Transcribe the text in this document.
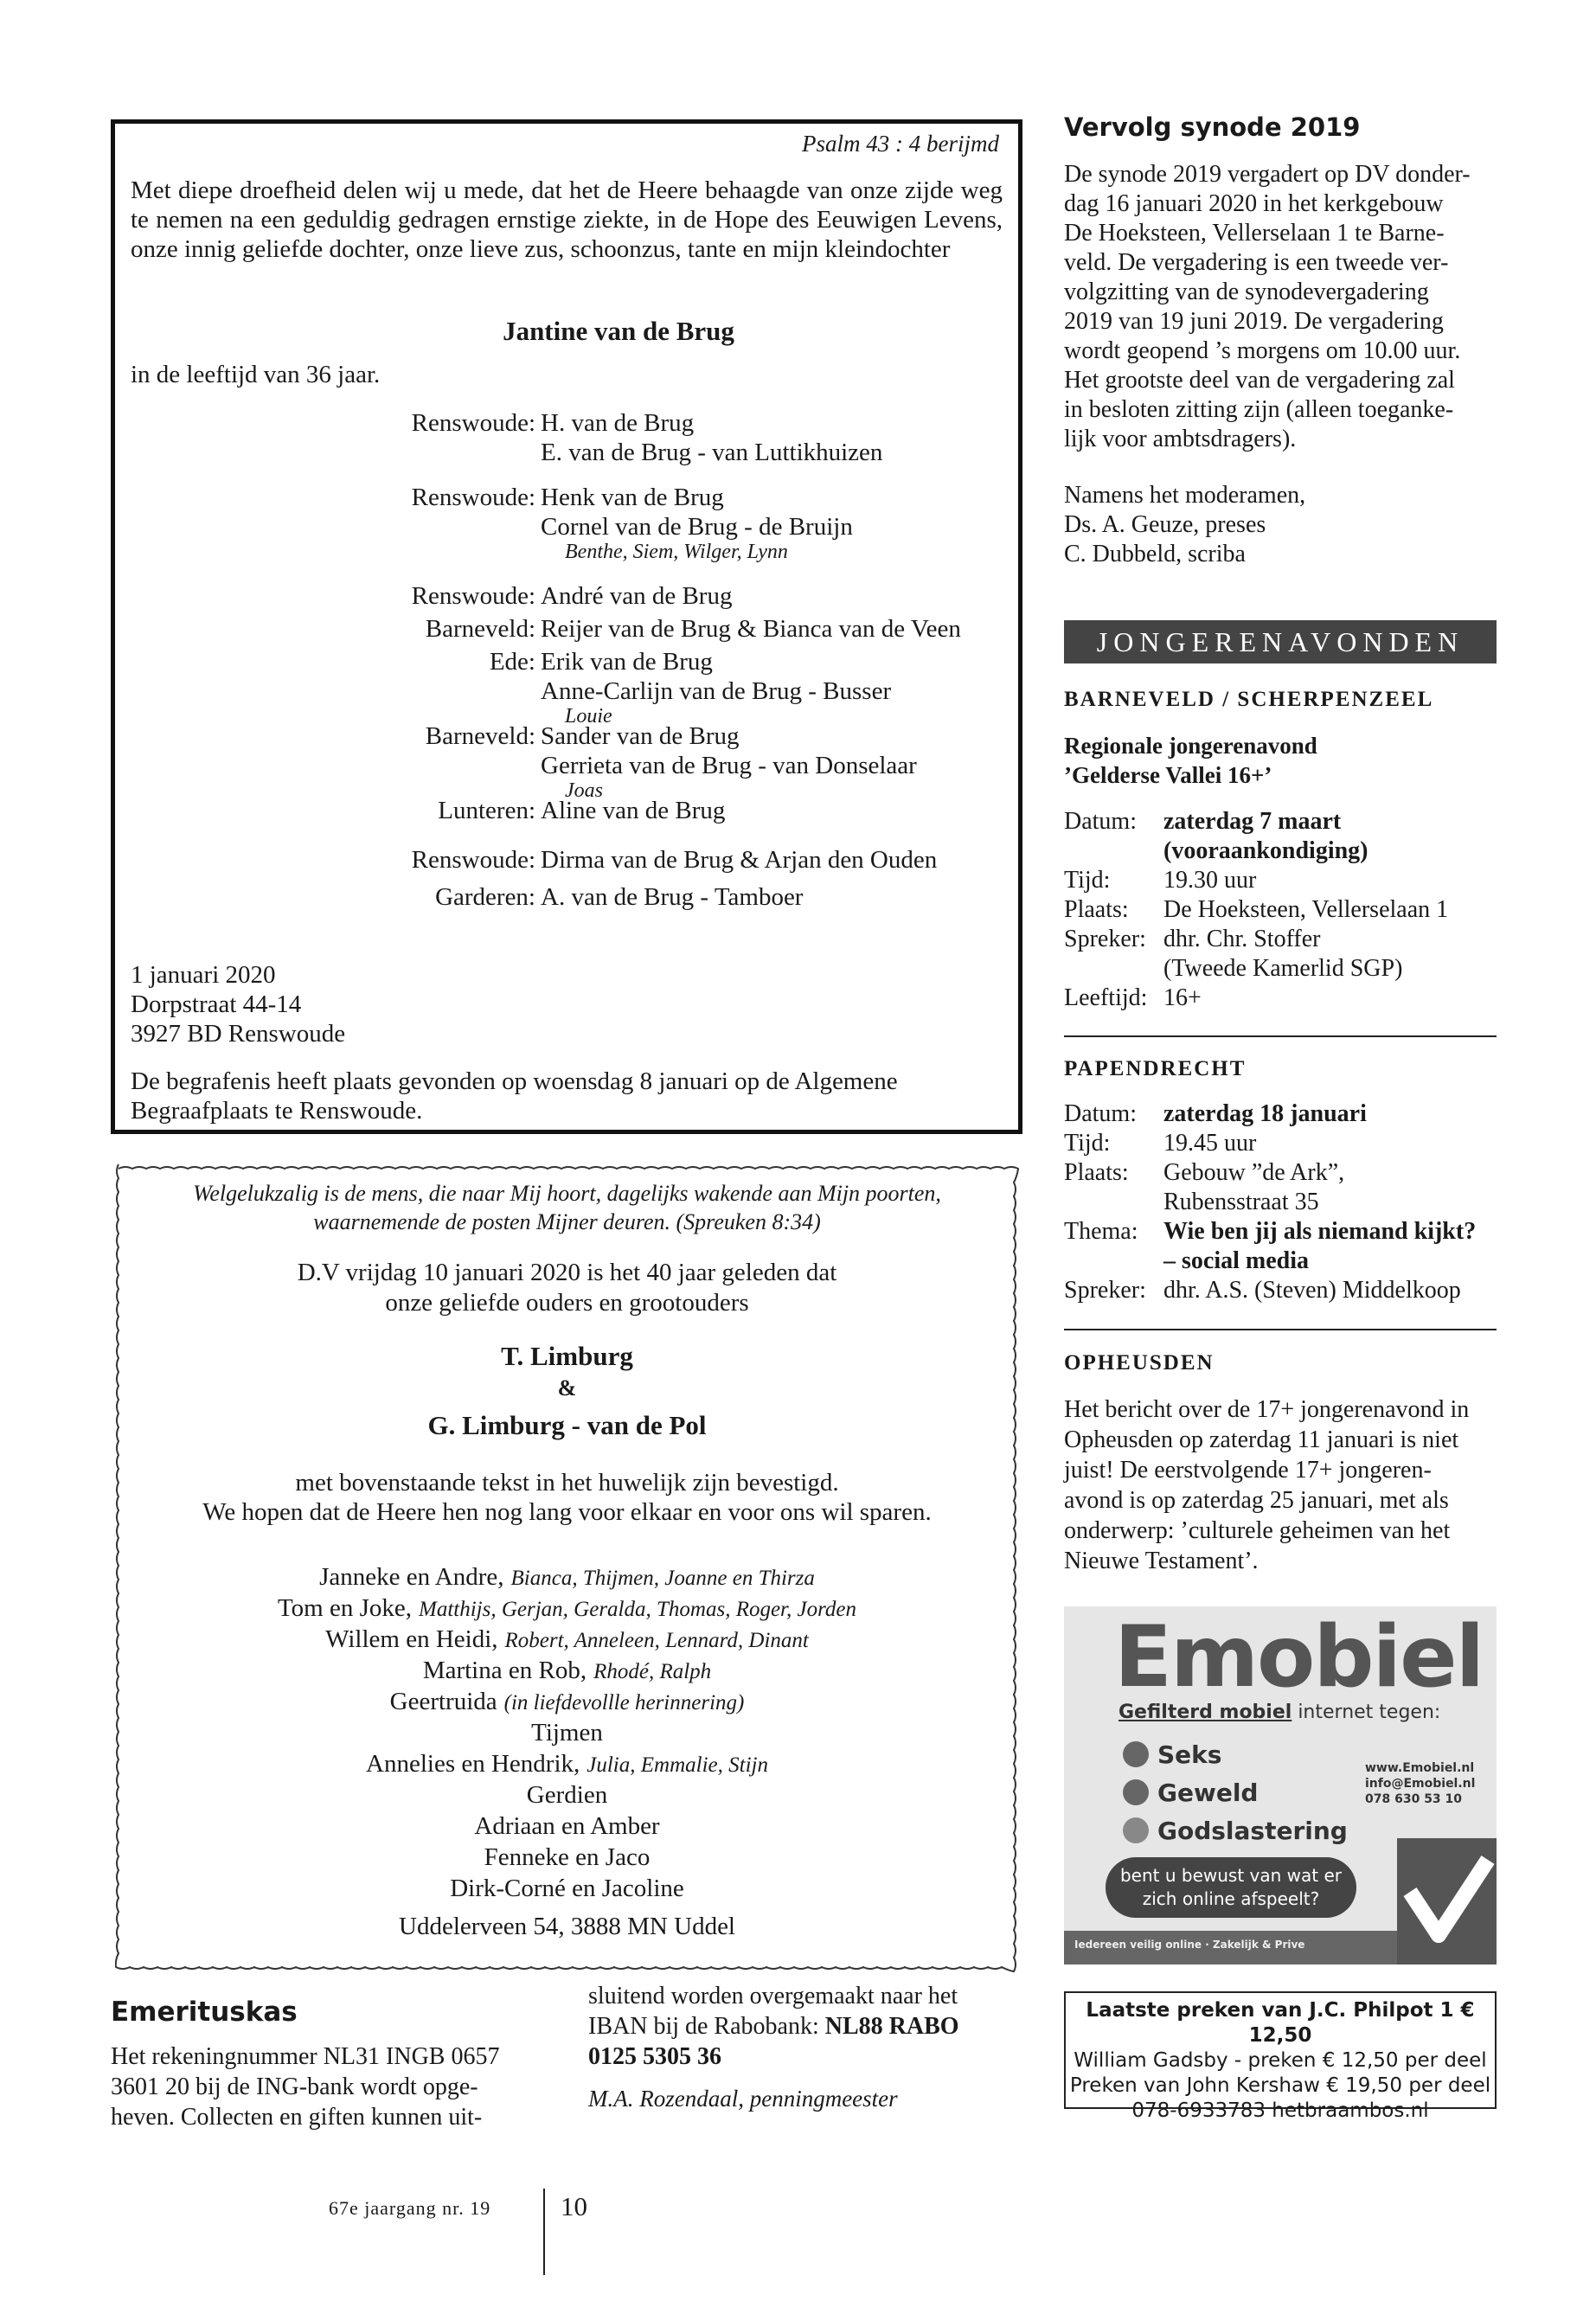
Psalm 43 : 4 berijmd

Met diepe droefheid delen wij u mede, dat het de Heere behaagde van onze zijde weg te nemen na een geduldig gedragen ernstige ziekte, in de Hope des Eeuwigen Levens, onze innig geliefde dochter, onze lieve zus, schoonzus, tante en mijn kleindochter

Jantine van de Brug
in de leeftijd van 36 jaar.
Renswoude: H. van de Brug
E. van de Brug - van Luttikhuizen
Renswoude: Henk van de Brug
Cornel van de Brug - de Bruijn
Benthe, Siem, Wilger, Lynn
Renswoude: André van de Brug
Barneveld: Reijer van de Brug & Bianca van de Veen
Ede: Erik van de Brug
Anne-Carlijn van de Brug - Busser
Louie
Barneveld: Sander van de Brug
Gerrieta van de Brug - van Donselaar
Joas
Lunteren: Aline van de Brug
Renswoude: Dirma van de Brug & Arjan den Ouden
Garderen: A. van de Brug - Tamboer
1 januari 2020
Dorpstraat 44-14
3927 BD Renswoude

De begrafenis heeft plaats gevonden op woensdag 8 januari op de Algemene Begraafplaats te Renswoude.

Welgelukzalig is de mens, die naar Mij hoort, dagelijks wakende aan Mijn poorten,
waarnemende de posten Mijner deuren. (Spreuken 8:34)
D.V vrijdag 10 januari 2020 is het 40 jaar geleden dat
onze geliefde ouders en grootouders
T. Limburg
&
G. Limburg - van de Pol
met bovenstaande tekst in het huwelijk zijn bevestigd.
We hopen dat de Heere hen nog lang voor elkaar en voor ons wil sparen.
Janneke en Andre, Bianca, Thijmen, Joanne en Thirza
Tom en Joke, Matthijs, Gerjan, Geralda, Thomas, Roger, Jorden
Willem en Heidi, Robert, Anneleen, Lennard, Dinant
Martina en Rob, Rhodé, Ralph
Geertruida (in liefdevollle herinnering)
Tijmen
Annelies en Hendrik, Julia, Emmalie, Stijn
Gerdien
Adriaan en Amber
Fenneke en Jaco
Dirk-Corné en Jacoline
Uddelerveen 54, 3888 MN Uddel
Emerituskas
Het rekeningnummer NL31 INGB 0657
3601 20 bij de ING-bank wordt opge-
heven. Collecten en giften kunnen uit-
sluitend worden overgemaakt naar het
IBAN bij de Rabobank: NL88 RABO
0125 5305 36
M.A. Rozendaal, penningmeester
67e jaargang nr. 19	10
Vervolg synode 2019
De synode 2019 vergadert op DV donder-
dag 16 januari 2020 in het kerkgebouw
De Hoeksteen, Vellerselaan 1 te Barne-
veld. De vergadering is een tweede ver-
volgzitting van de synodevergadering
2019 van 19 juni 2019. De vergadering
wordt geopend ’s morgens om 10.00 uur.
Het grootste deel van de vergadering zal
in besloten zitting zijn (alleen toeganke-
lijk voor ambtsdragers).
Namens het moderamen,
Ds. A. Geuze, preses
C. Dubbeld, scriba
JONGERENAVONDEN
BARNEVELD / SCHERPENZEEL
Regionale jongerenavond
’Gelderse Vallei 16+’
Datum: zaterdag 7 maart
(vooraankondiging)
Tijd: 19.30 uur
Plaats: De Hoeksteen, Vellerselaan 1
Spreker: dhr. Chr. Stoffer
(Tweede Kamerlid SGP)
Leeftijd: 16+
PAPENDRECHT
Datum: zaterdag 18 januari
Tijd: 19.45 uur
Plaats: Gebouw ”de Ark”,
Rubensstraat 35
Thema: Wie ben jij als niemand kijkt?
– social media
Spreker: dhr. A.S. (Steven) Middelkoop
OPHEUSDEN
Het bericht over de 17+ jongerenavond in
Opheusden op zaterdag 11 januari is niet
juist! De eerstvolgende 17+ jongeren-
avond is op zaterdag 25 januari, met als
onderwerp: ’culturele geheimen van het
Nieuwe Testament’.
Emobiel
Gefilterd mobiel internet tegen:
Seks
Geweld
Godslastering
www.Emobiel.nl
info@Emobiel.nl
078 630 53 10
bent u bewust van wat er
zich online afspeelt?
Iedereen veilig online · Zakelijk & Prive
Laatste preken van J.C. Philpot 1 € 12,50
William Gadsby - preken € 12,50 per deel
Preken van John Kershaw € 19,50 per deel
078-6933783 hetbraambos.nl
